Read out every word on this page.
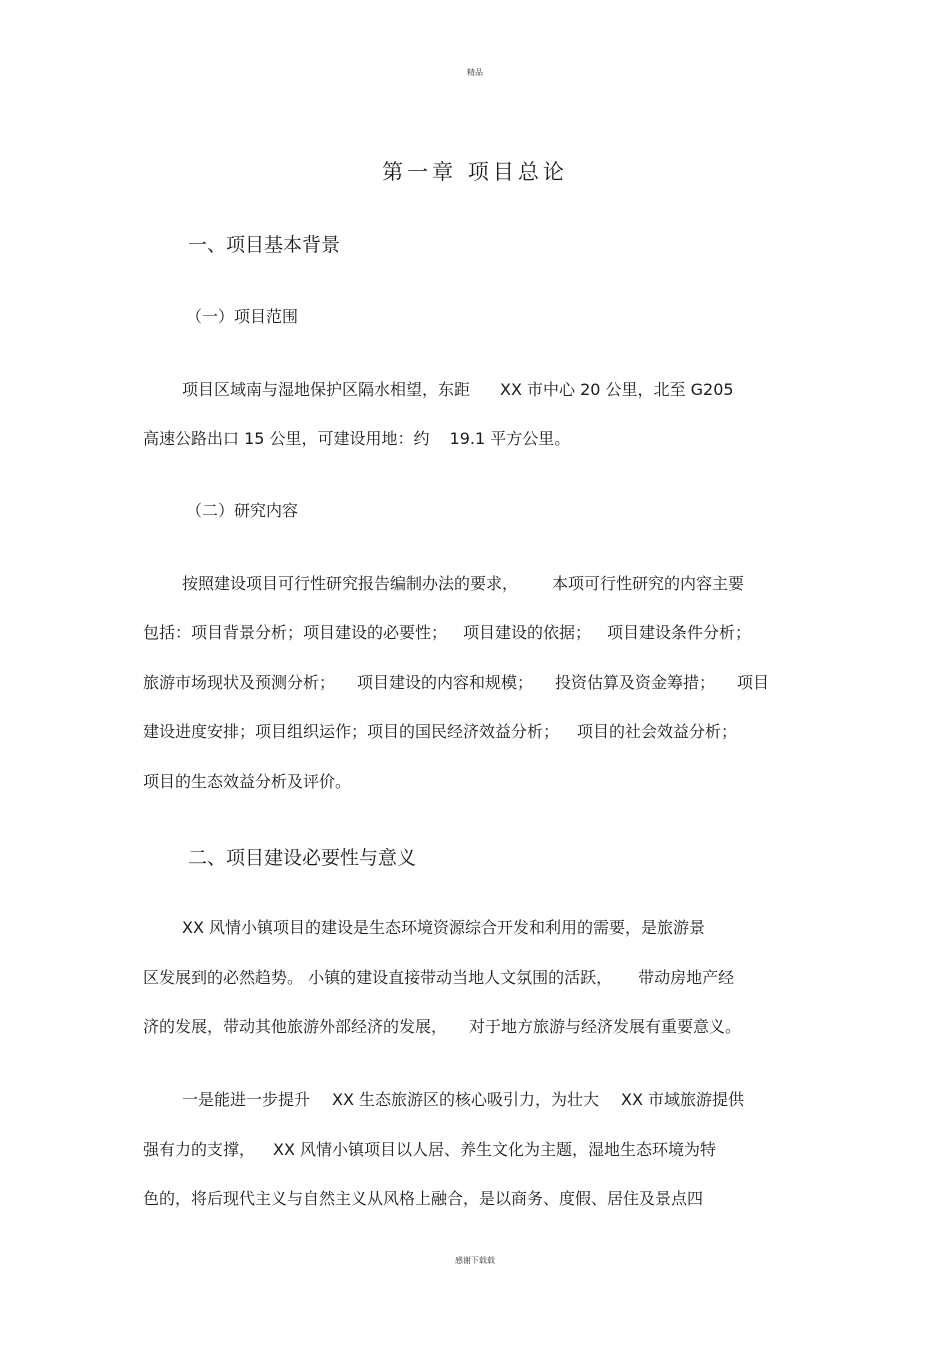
精品
第一章 项目总论
一、项目基本背景
（一）项目范围
项目区域南与湿地保护区隔水相望，东距 XX 市中心 20 公里，北至 G205
高速公路出口 15 公里，可建设用地：约 19.1 平方公里。
（二）研究内容
按照建设项目可行性研究报告编制办法的要求， 本项可行性研究的内容主要
包括：项目背景分析；项目建设的必要性； 项目建设的依据； 项目建设条件分析；
旅游市场现状及预测分析； 项目建设的内容和规模； 投资估算及资金筹措； 项目
建设进度安排；项目组织运作；项目的国民经济效益分析； 项目的社会效益分析；
项目的生态效益分析及评价。
二、项目建设必要性与意义
XX 风情小镇项目的建设是生态环境资源综合开发和利用的需要，是旅游景
区发展到的必然趋势。 小镇的建设直接带动当地人文氛围的活跃， 带动房地产经
济的发展，带动其他旅游外部经济的发展， 对于地方旅游与经济发展有重要意义。
一是能进一步提升 XX 生态旅游区的核心吸引力，为壮大 XX 市域旅游提供
强有力的支撑， XX 风情小镇项目以人居、养生文化为主题，湿地生态环境为特
色的，将后现代主义与自然主义从风格上融合，是以商务、度假、居住及景点四
感谢下载载
